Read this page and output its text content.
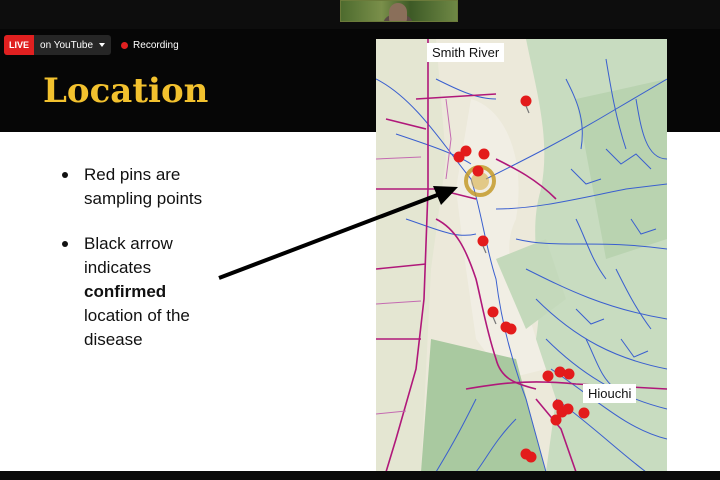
Location
Red pins are sampling points
Black arrow indicates confirmed location of the disease
Smith River
Hiouchi
LIVE	on YouTube	Recording
